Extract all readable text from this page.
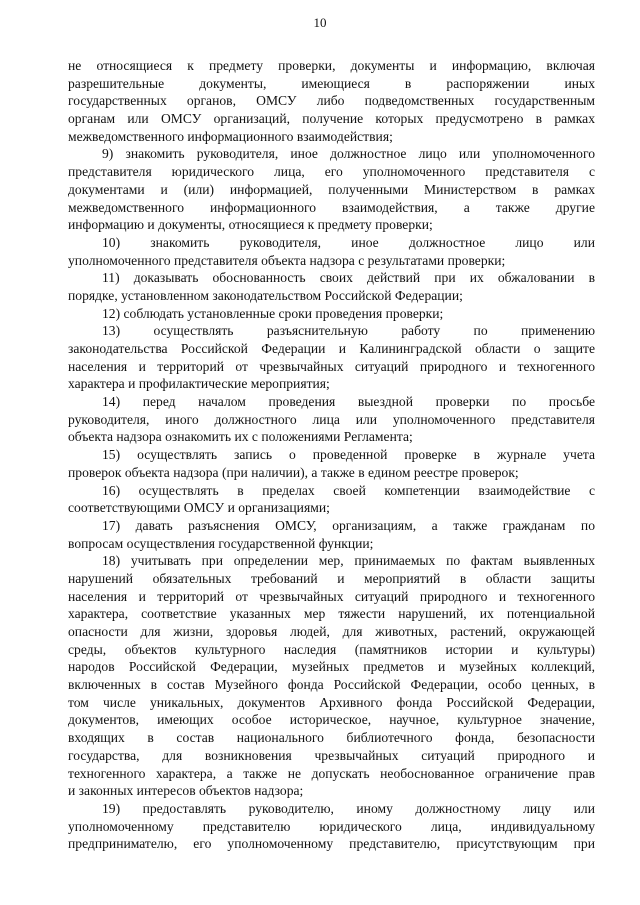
10
не относящиеся к предмету проверки, документы и информацию, включая
разрешительные документы, имеющиеся в распоряжении иных
государственных органов, ОМСУ либо подведомственных государственным
органам или ОМСУ организаций, получение которых предусмотрено в рамках
межведомственного информационного взаимодействия;
9) знакомить руководителя, иное должностное лицо или уполномоченного
представителя юридического лица, его уполномоченного представителя с
документами и (или) информацией, полученными Министерством в рамках
межведомственного информационного взаимодействия, а также другие
информацию и документы, относящиеся к предмету проверки;
10) знакомить руководителя, иное должностное лицо или
уполномоченного представителя объекта надзора с результатами проверки;
11) доказывать обоснованность своих действий при их обжаловании в
порядке, установленном законодательством Российской Федерации;
12) соблюдать установленные сроки проведения проверки;
13) осуществлять разъяснительную работу по применению
законодательства Российской Федерации и Калининградской области о защите
населения и территорий от чрезвычайных ситуаций природного и техногенного
характера и профилактические мероприятия;
14) перед началом проведения выездной проверки по просьбе
руководителя, иного должностного лица или уполномоченного представителя
объекта надзора ознакомить их с положениями Регламента;
15) осуществлять запись о проведенной проверке в журнале учета
проверок объекта надзора (при наличии), а также в едином реестре проверок;
16) осуществлять в пределах своей компетенции взаимодействие с
соответствующими ОМСУ и организациями;
17) давать разъяснения ОМСУ, организациям, а также гражданам по
вопросам осуществления государственной функции;
18) учитывать при определении мер, принимаемых по фактам выявленных
нарушений обязательных требований и мероприятий в области защиты
населения и территорий от чрезвычайных ситуаций природного и техногенного
характера, соответствие указанных мер тяжести нарушений, их потенциальной
опасности для жизни, здоровья людей, для животных, растений, окружающей
среды, объектов культурного наследия (памятников истории и культуры)
народов Российской Федерации, музейных предметов и музейных коллекций,
включенных в состав Музейного фонда Российской Федерации, особо ценных, в
том числе уникальных, документов Архивного фонда Российской Федерации,
документов, имеющих особое историческое, научное, культурное значение,
входящих в состав национального библиотечного фонда, безопасности
государства, для возникновения чрезвычайных ситуаций природного и
техногенного характера, а также не допускать необоснованное ограничение прав
и законных интересов объектов надзора;
19) предоставлять руководителю, иному должностному лицу или
уполномоченному представителю юридического лица, индивидуальному
предпринимателю, его уполномоченному представителю, присутствующим при
